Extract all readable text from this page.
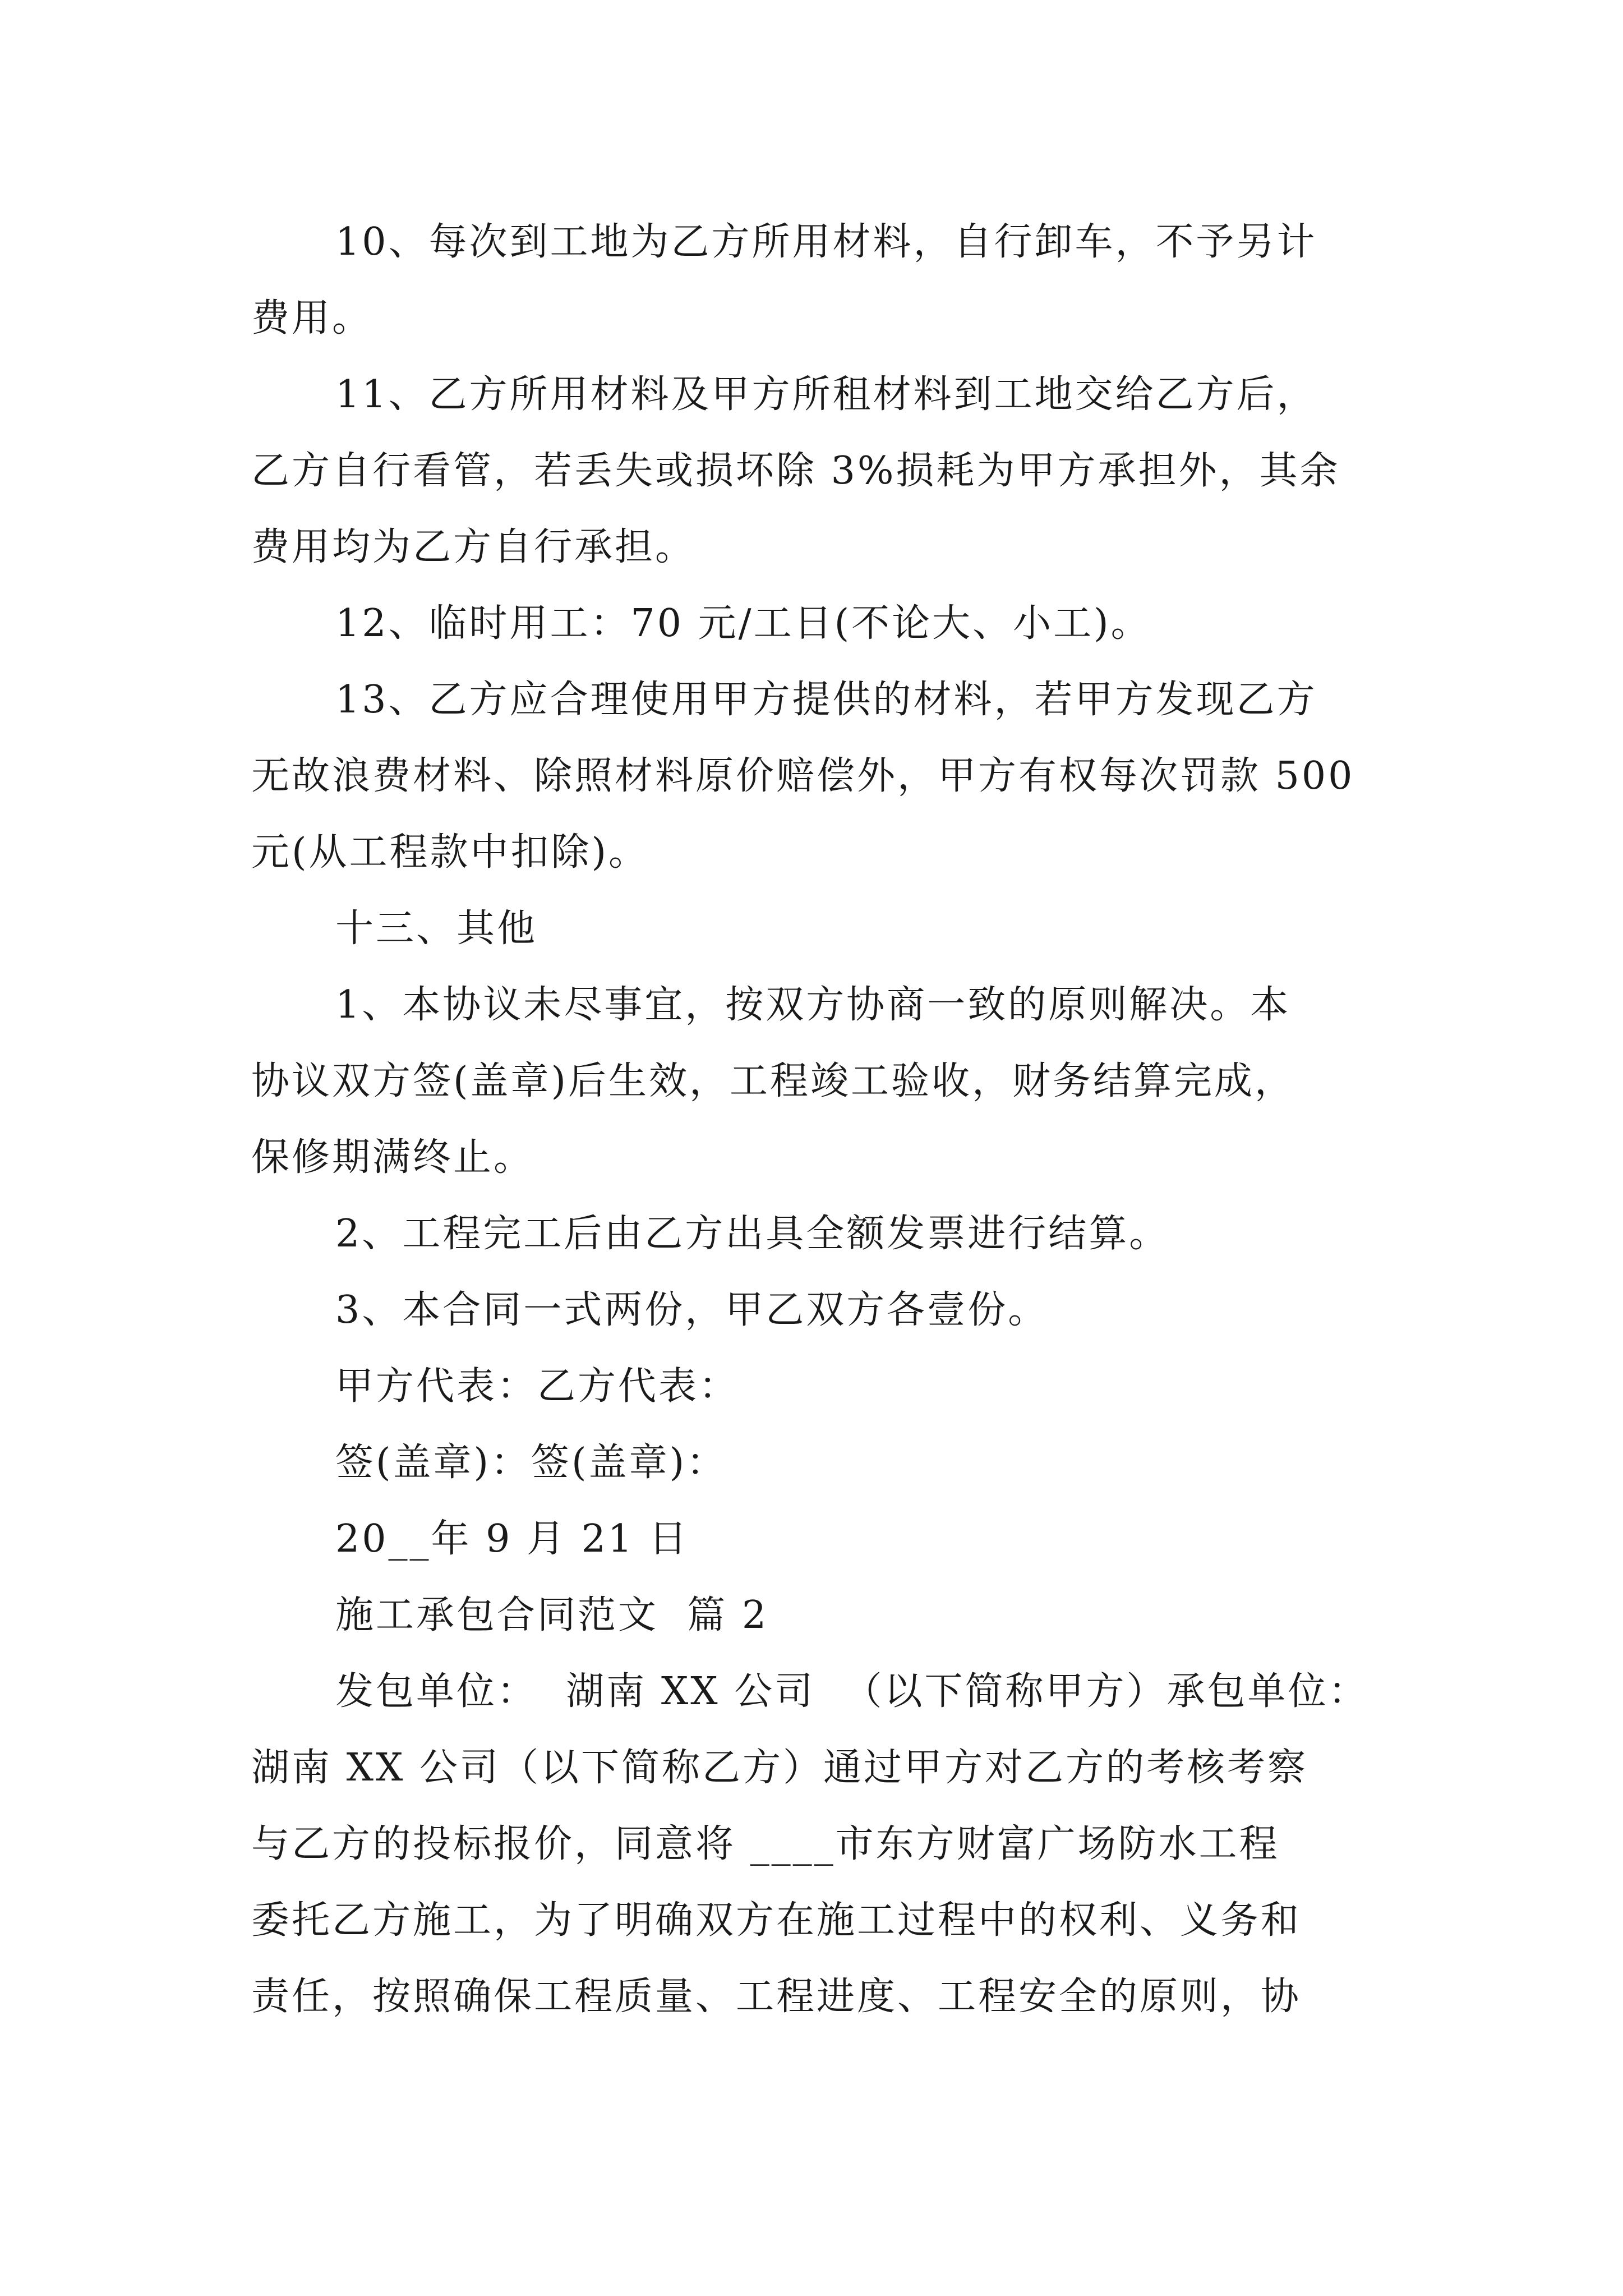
10、每次到工地为乙方所用材料，自行卸车，不予另计
费用。
11、乙方所用材料及甲方所租材料到工地交给乙方后，
乙方自行看管，若丢失或损坏除 3%损耗为甲方承担外，其余
费用均为乙方自行承担。
12、临时用工：70 元/工日(不论大、小工)。
13、乙方应合理使用甲方提供的材料，若甲方发现乙方
无故浪费材料、除照材料原价赔偿外，甲方有权每次罚款 500
元(从工程款中扣除)。
十三、其他
1、本协议未尽事宜，按双方协商一致的原则解决。本
协议双方签(盖章)后生效，工程竣工验收，财务结算完成，
保修期满终止。
2、工程完工后由乙方出具全额发票进行结算。
3、本合同一式两份，甲乙双方各壹份。
甲方代表：乙方代表：
签(盖章)：签(盖章)：
20__年 9 月 21 日
施工承包合同范文  篇 2
发包单位：  湖南 XX 公司  （以下简称甲方）承包单位：
湖南 XX 公司（以下简称乙方）通过甲方对乙方的考核考察
与乙方的投标报价，同意将 ____市东方财富广场防水工程
委托乙方施工，为了明确双方在施工过程中的权利、义务和
责任，按照确保工程质量、工程进度、工程安全的原则，协
